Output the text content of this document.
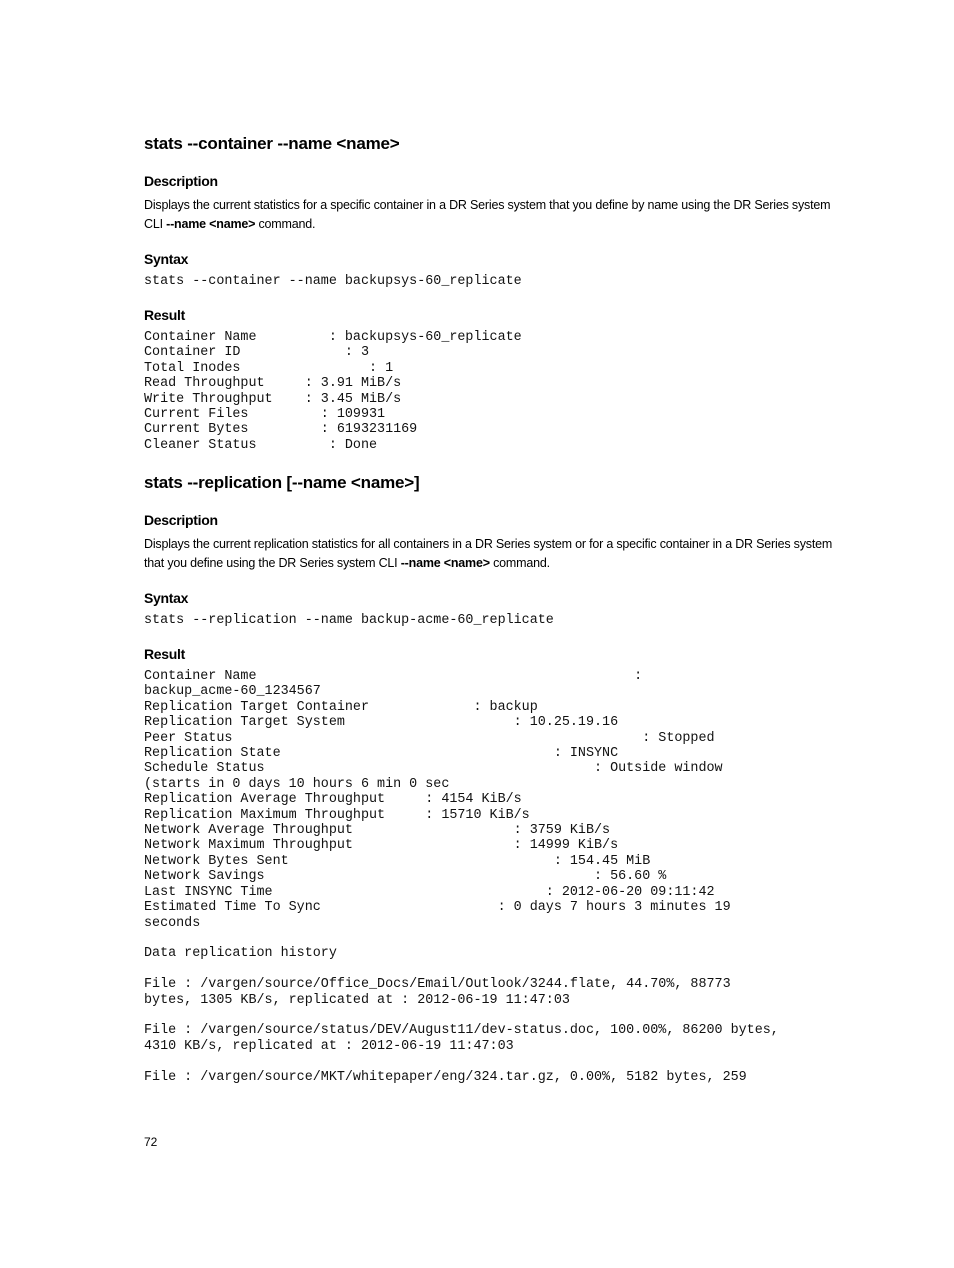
stats --container --name <name>
Description
Displays the current statistics for a specific container in a DR Series system that you define by name using the DR Series system CLI --name <name> command.
Syntax
stats --container --name backupsys-60_replicate
Result
Container Name         : backupsys-60_replicate
Container ID             : 3
Total Inodes                : 1
Read Throughput     : 3.91 MiB/s
Write Throughput    : 3.45 MiB/s
Current Files         : 109931
Current Bytes         : 6193231169
Cleaner Status         : Done
stats --replication [--name <name>]
Description
Displays the current replication statistics for all containers in a DR Series system or for a specific container in a DR Series system that you define using the DR Series system CLI --name <name> command.
Syntax
stats --replication --name backup-acme-60_replicate
Result
Container Name                                               :
backup_acme-60_1234567
Replication Target Container             : backup
Replication Target System                     : 10.25.19.16
Peer Status                                                   : Stopped
Replication State                                  : INSYNC
Schedule Status                                         : Outside window
(starts in 0 days 10 hours 6 min 0 sec
Replication Average Throughput     : 4154 KiB/s
Replication Maximum Throughput     : 15710 KiB/s
Network Average Throughput                    : 3759 KiB/s
Network Maximum Throughput                    : 14999 KiB/s
Network Bytes Sent                                 : 154.45 MiB
Network Savings                                         : 56.60 %
Last INSYNC Time                                  : 2012-06-20 09:11:42
Estimated Time To Sync                      : 0 days 7 hours 3 minutes 19
seconds

Data replication history

File : /vargen/source/Office_Docs/Email/Outlook/3244.flate, 44.70%, 88773
bytes, 1305 KB/s, replicated at : 2012-06-19 11:47:03

File : /vargen/source/status/DEV/August11/dev-status.doc, 100.00%, 86200 bytes,
4310 KB/s, replicated at : 2012-06-19 11:47:03

File : /vargen/source/MKT/whitepaper/eng/324.tar.gz, 0.00%, 5182 bytes, 259
72
